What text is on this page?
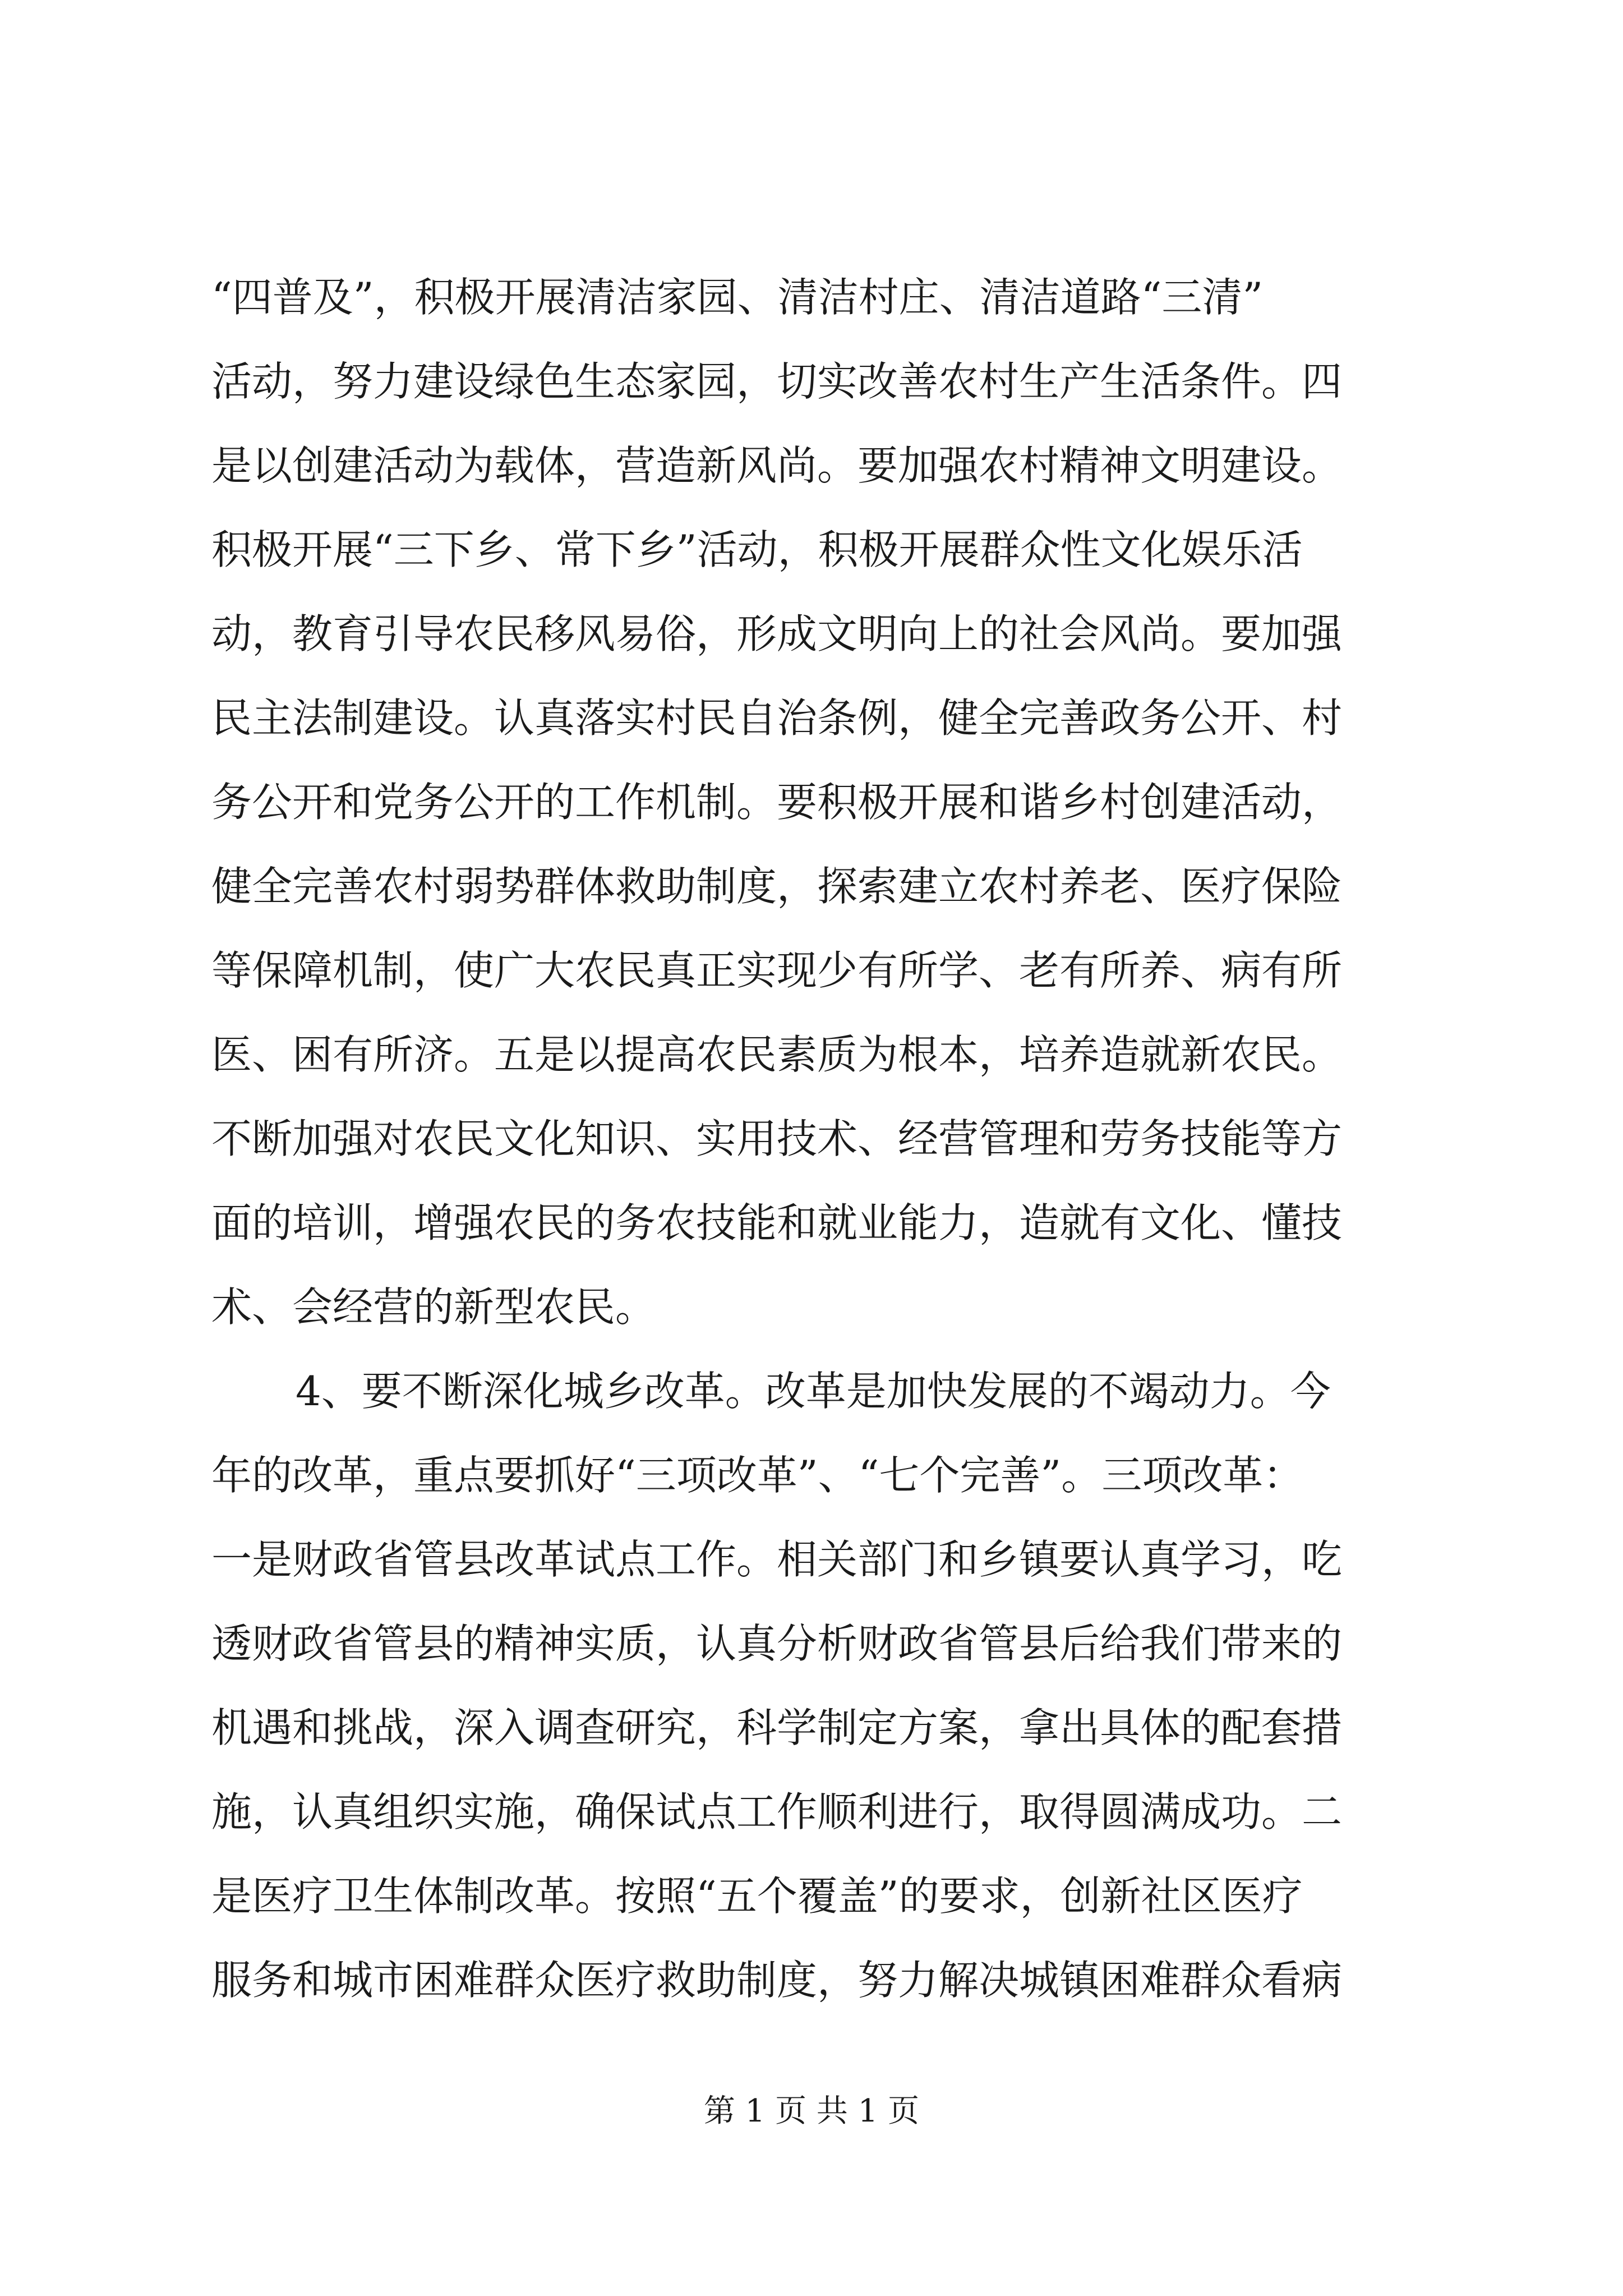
“四普及”，积极开展清洁家园、清洁村庄、清洁道路“三清”
活动，努力建设绿色生态家园，切实改善农村生产生活条件。四
是以创建活动为载体，营造新风尚。要加强农村精神文明建设。
积极开展“三下乡、常下乡”活动，积极开展群众性文化娱乐活
动，教育引导农民移风易俗，形成文明向上的社会风尚。要加强
民主法制建设。认真落实村民自治条例，健全完善政务公开、村
务公开和党务公开的工作机制。要积极开展和谐乡村创建活动，
健全完善农村弱势群体救助制度，探索建立农村养老、医疗保险
等保障机制，使广大农民真正实现少有所学、老有所养、病有所
医、困有所济。五是以提高农民素质为根本，培养造就新农民。
不断加强对农民文化知识、实用技术、经营管理和劳务技能等方
面的培训，增强农民的务农技能和就业能力，造就有文化、懂技
术、会经营的新型农民。
4、要不断深化城乡改革。改革是加快发展的不竭动力。今
年的改革，重点要抓好“三项改革”、“七个完善”。三项改革：
一是财政省管县改革试点工作。相关部门和乡镇要认真学习，吃
透财政省管县的精神实质，认真分析财政省管县后给我们带来的
机遇和挑战，深入调查研究，科学制定方案，拿出具体的配套措
施，认真组织实施，确保试点工作顺利进行，取得圆满成功。二
是医疗卫生体制改革。按照“五个覆盖”的要求，创新社区医疗
服务和城市困难群众医疗救助制度，努力解决城镇困难群众看病
第 1 页 共 1 页
